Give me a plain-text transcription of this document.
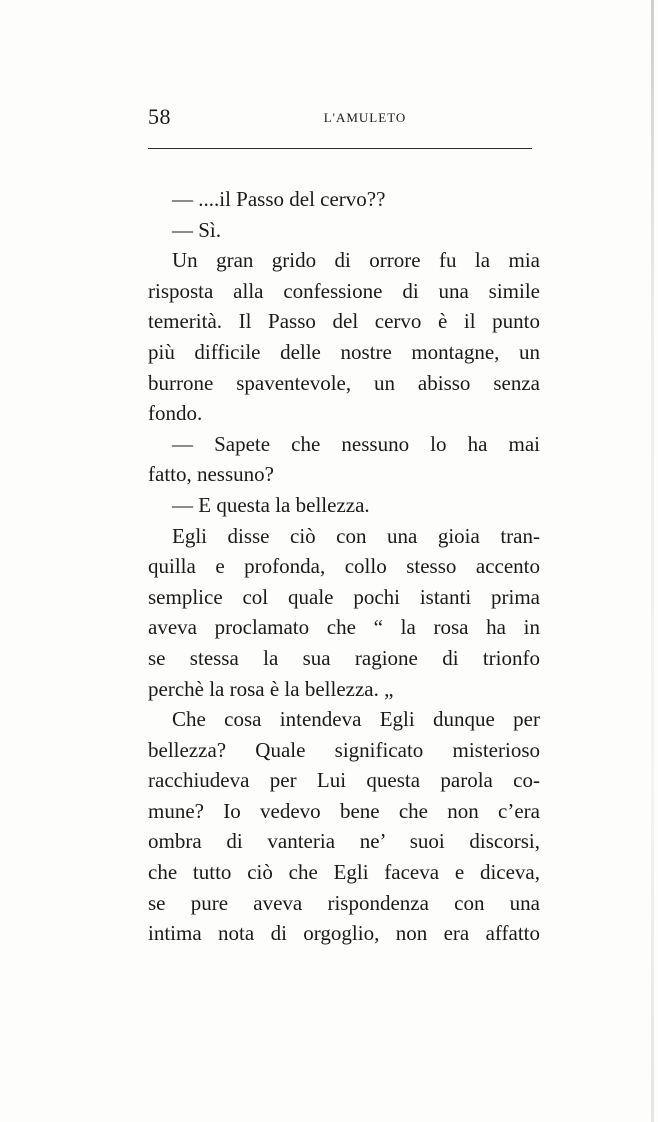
58	L'AMULETO
— ....il Passo del cervo??
— Sì.
Un gran grido di orrore fu la mia
risposta alla confessione di una simile
temerità. Il Passo del cervo è il punto
più difficile delle nostre montagne, un
burrone spaventevole, un abisso senza
fondo.
— Sapete che nessuno lo ha mai
fatto, nessuno?
— E questa la bellezza.
Egli disse ciò con una gioia tran-
quilla e profonda, collo stesso accento
semplice col quale pochi istanti prima
aveva proclamato che “ la rosa ha in
se stessa la sua ragione di trionfo
perchè la rosa è la bellezza. „
Che cosa intendeva Egli dunque per
bellezza? Quale significato misterioso
racchiudeva per Lui questa parola co-
mune? Io vedevo bene che non c’era
ombra di vanteria ne’ suoi discorsi,
che tutto ciò che Egli faceva e diceva,
se pure aveva rispondenza con una
intima nota di orgoglio, non era affatto
